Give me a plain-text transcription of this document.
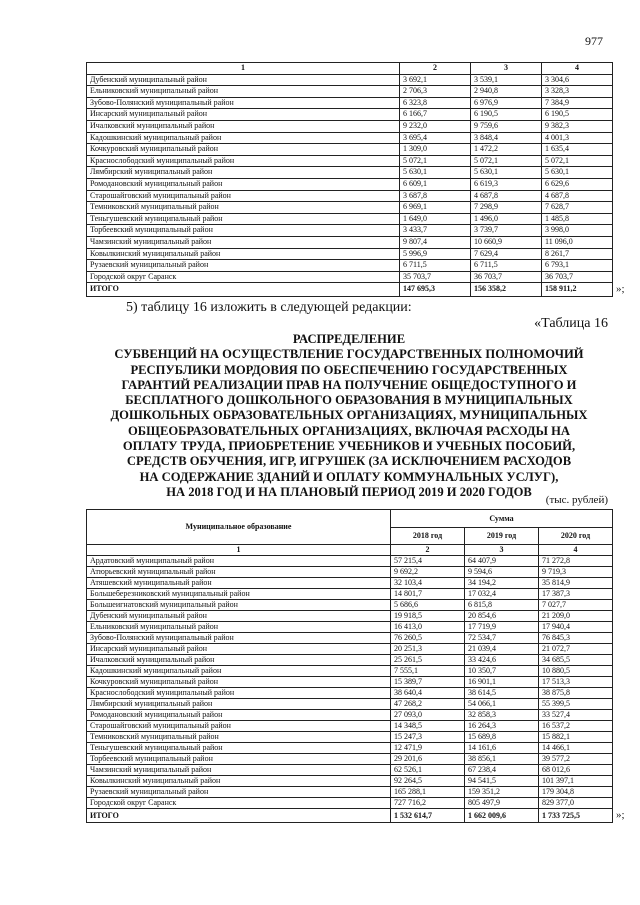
977
1	2	3	4
Дубенский муниципальный район	3 692,1	3 539,1	3 304,6
Ельниковский муниципальный район	2 706,3	2 940,8	3 328,3
Зубово-Полянский муниципальный район	6 323,8	6 976,9	7 384,9
Инсарский муниципальный район	6 166,7	6 190,5	6 190,5
Ичалковский муниципальный район	9 232,0	9 759,6	9 382,3
Кадошкинский муниципальный район	3 695,4	3 848,4	4 001,3
Кочкуровский муниципальный район	1 309,0	1 472,2	1 635,4
Краснослободский муниципальный район	5 072,1	5 072,1	5 072,1
Лямбирский муниципальный район	5 630,1	5 630,1	5 630,1
Ромодановский муниципальный район	6 609,1	6 619,3	6 629,6
Старошайговский муниципальный район	3 687,8	4 687,8	4 687,8
Темниковский муниципальный район	6 969,1	7 298,9	7 628,7
Теньгушевский муниципальный район	1 649,0	1 496,0	1 485,8
Торбеевский муниципальный район	3 433,7	3 739,7	3 998,0
Чамзинский муниципальный район	9 807,4	10 660,9	11 096,0
Ковылкинский муниципальный район	5 996,9	7 629,4	8 261,7
Рузаевский муниципальный район	6 711,5	6 711,5	6 793,1
Городской округ Саранск	35 703,7	36 703,7	36 703,7
ИТОГО	147 695,3	156 358,2	158 911,2	»;
5) таблицу 16 изложить в следующей редакции:
«Таблица 16
РАСПРЕДЕЛЕНИЕ
СУБВЕНЦИЙ НА ОСУЩЕСТВЛЕНИЕ ГОСУДАРСТВЕННЫХ ПОЛНОМОЧИЙ
РЕСПУБЛИКИ МОРДОВИЯ ПО ОБЕСПЕЧЕНИЮ ГОСУДАРСТВЕННЫХ
ГАРАНТИЙ РЕАЛИЗАЦИИ ПРАВ НА ПОЛУЧЕНИЕ ОБЩЕДОСТУПНОГО И
БЕСПЛАТНОГО ДОШКОЛЬНОГО ОБРАЗОВАНИЯ В МУНИЦИПАЛЬНЫХ
ДОШКОЛЬНЫХ ОБРАЗОВАТЕЛЬНЫХ ОРГАНИЗАЦИЯХ, МУНИЦИПАЛЬНЫХ
ОБЩЕОБРАЗОВАТЕЛЬНЫХ ОРГАНИЗАЦИЯХ, ВКЛЮЧАЯ РАСХОДЫ НА
ОПЛАТУ ТРУДА, ПРИОБРЕТЕНИЕ УЧЕБНИКОВ И УЧЕБНЫХ ПОСОБИЙ,
СРЕДСТВ ОБУЧЕНИЯ, ИГР, ИГРУШЕК (ЗА ИСКЛЮЧЕНИЕМ РАСХОДОВ
НА СОДЕРЖАНИЕ ЗДАНИЙ И ОПЛАТУ КОММУНАЛЬНЫХ УСЛУГ),
НА 2018 ГОД И НА ПЛАНОВЫЙ ПЕРИОД 2019 И 2020 ГОДОВ
(тыс. рублей)
Муниципальное образование	Сумма		
	2018 год	2019 год	2020 год
1	2	3	4
Ардатовский муниципальный район	57 215,4	64 407,9	71 272,8
Атюрьевский муниципальный район	9 692,2	9 594,6	9 719,3
Атяшевский муниципальный район	32 103,4	34 194,2	35 814,9
Большеберезниковский муниципальный район	14 801,7	17 032,4	17 387,3
Большеигнатовский муниципальный район	5 686,6	6 815,8	7 027,7
Дубенский муниципальный район	19 918,5	20 854,6	21 209,0
Ельниковский муниципальный район	16 413,0	17 719,9	17 940,4
Зубово-Полянский муниципальный район	76 260,5	72 534,7	76 845,3
Инсарский муниципальный район	20 251,3	21 039,4	21 072,7
Ичалковский муниципальный район	25 261,5	33 424,6	34 685,5
Кадошкинский муниципальный район	7 555,1	10 350,7	10 880,5
Кочкуровский муниципальный район	15 389,7	16 901,1	17 513,3
Краснослободский муниципальный район	38 640,4	38 614,5	38 875,8
Лямбирский муниципальный район	47 268,2	54 066,1	55 399,5
Ромодановский муниципальный район	27 093,0	32 858,3	33 527,4
Старошайговский муниципальный район	14 348,5	16 264,3	16 537,2
Темниковский муниципальный район	15 247,3	15 689,8	15 882,1
Теньгушевский муниципальный район	12 471,9	14 161,6	14 466,1
Торбеевский муниципальный район	29 201,6	38 856,1	39 577,2
Чамзинский муниципальный район	62 526,1	67 238,4	68 012,6
Ковылкинский муниципальный район	92 264,5	94 541,5	101 397,1
Рузаевский муниципальный район	165 288,1	159 351,2	179 304,8
Городской округ Саранск	727 716,2	805 497,9	829 377,0
ИТОГО	1 532 614,7	1 662 009,6	1 733 725,5	»;
